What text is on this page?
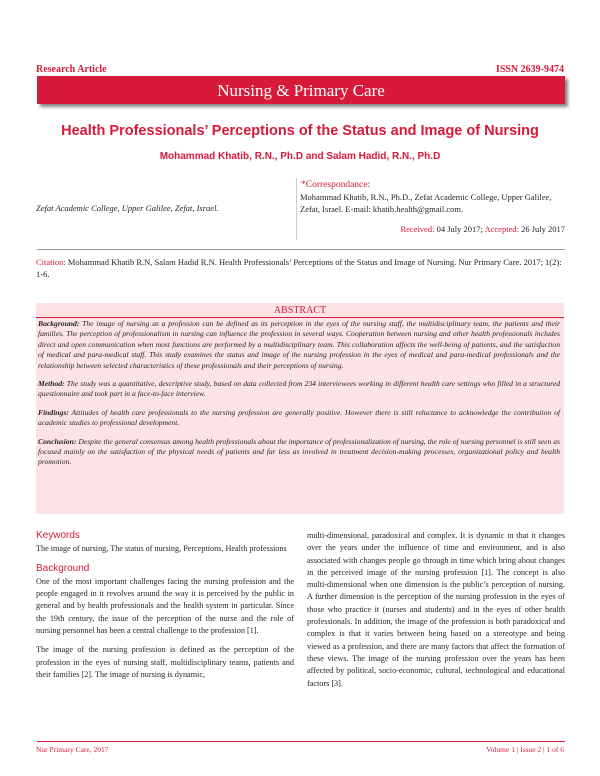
Research Article	ISSN 2639-9474
Nursing & Primary Care
Health Professionals’ Perceptions of the Status and Image of Nursing
Mohammad Khatib, R.N., Ph.D and Salam Hadid, R.N., Ph.D
Zefat Academic College, Upper Galilee, Zefat, Israel.
*Correspondance:
Mohammad Khatib, R.N., Ph.D., Zefat Academic College, Upper Galilee, Zefat, Israel. E-mail: khatib.health@gmail.com.
Received: 04 July 2017; Accepted: 26 July 2017
Citation: Mohammad Khatib R.N, Salam Hadid R.N. Health Professionals’ Perceptions of the Status and Image of Nursing. Nur Primary Care. 2017; 1(2): 1-6.
ABSTRACT

Background: The image of nursing as a profession can be defined as its perception in the eyes of the nursing staff, the multidisciplinary team, the patients and their families. The perception of professionalism in nursing can influence the profession in several ways. Cooperation between nursing and other health professionals includes direct and open communication when most functions are performed by a multidisciplinary team. This collaboration affects the well-being of patients, and the satisfaction of medical and para-medical staff. This study examines the status and image of the nursing profession in the eyes of medical and para-medical professionals and the relationship between selected characteristics of these professionals and their perceptions of nursing.

Method: The study was a quantitative, descriptive study, based on data collected from 234 interviewees working in different health care settings who filled in a structured questionnaire and took part in a face-to-face interview.

Findings: Attitudes of health care professionals to the nursing profession are generally positive. However there is still reluctance to acknowledge the contribution of academic studies to professional development.

Conclusion: Despite the general consensus among health professionals about the importance of professionalization of nursing, the role of nursing personnel is still seen as focused mainly on the satisfaction of the physical needs of patients and far less as involved in treatment decision-making processes, organizational policy and health promotion.

Keywords

The image of nursing, The status of nursing, Perceptions, Health professions

Background

One of the most important challenges facing the nursing profession and the people engaged in it revolves around the way it is perceived by the public in general and by health professionals and the health system in particular. Since the 19th century, the issue of the perception of the nurse and the role of nursing personnel has been a central challenge to the profession [1].

The image of the nursing profession is defined as the perception of the profession in the eyes of nursing staff, multidisciplinary teams, patients and their families [2]. The image of nursing is dynamic,

multi-dimensional, paradoxical and complex. It is dynamic in that it changes over the years under the influence of time and environment, and is also associated with changes people go through in time which bring about changes in the perceived image of the nursing profession [1]. The concept is also multi-dimensional when one dimension is the public’s perception of nursing. A further dimension is the perception of the nursing profession in the eyes of those who practice it (nurses and students) and in the eyes of other health professionals. In addition, the image of the profession is both paradoxical and complex is that it varies between being based on a stereotype and being viewed as a profession, and there are many factors that affect the formation of these views. The image of the nursing profession over the years has been affected by political, socio-economic, cultural, technological and educational factors [3].

Nur Primary Care, 2017	Volume 1 | Issue 2 | 1 of 6
